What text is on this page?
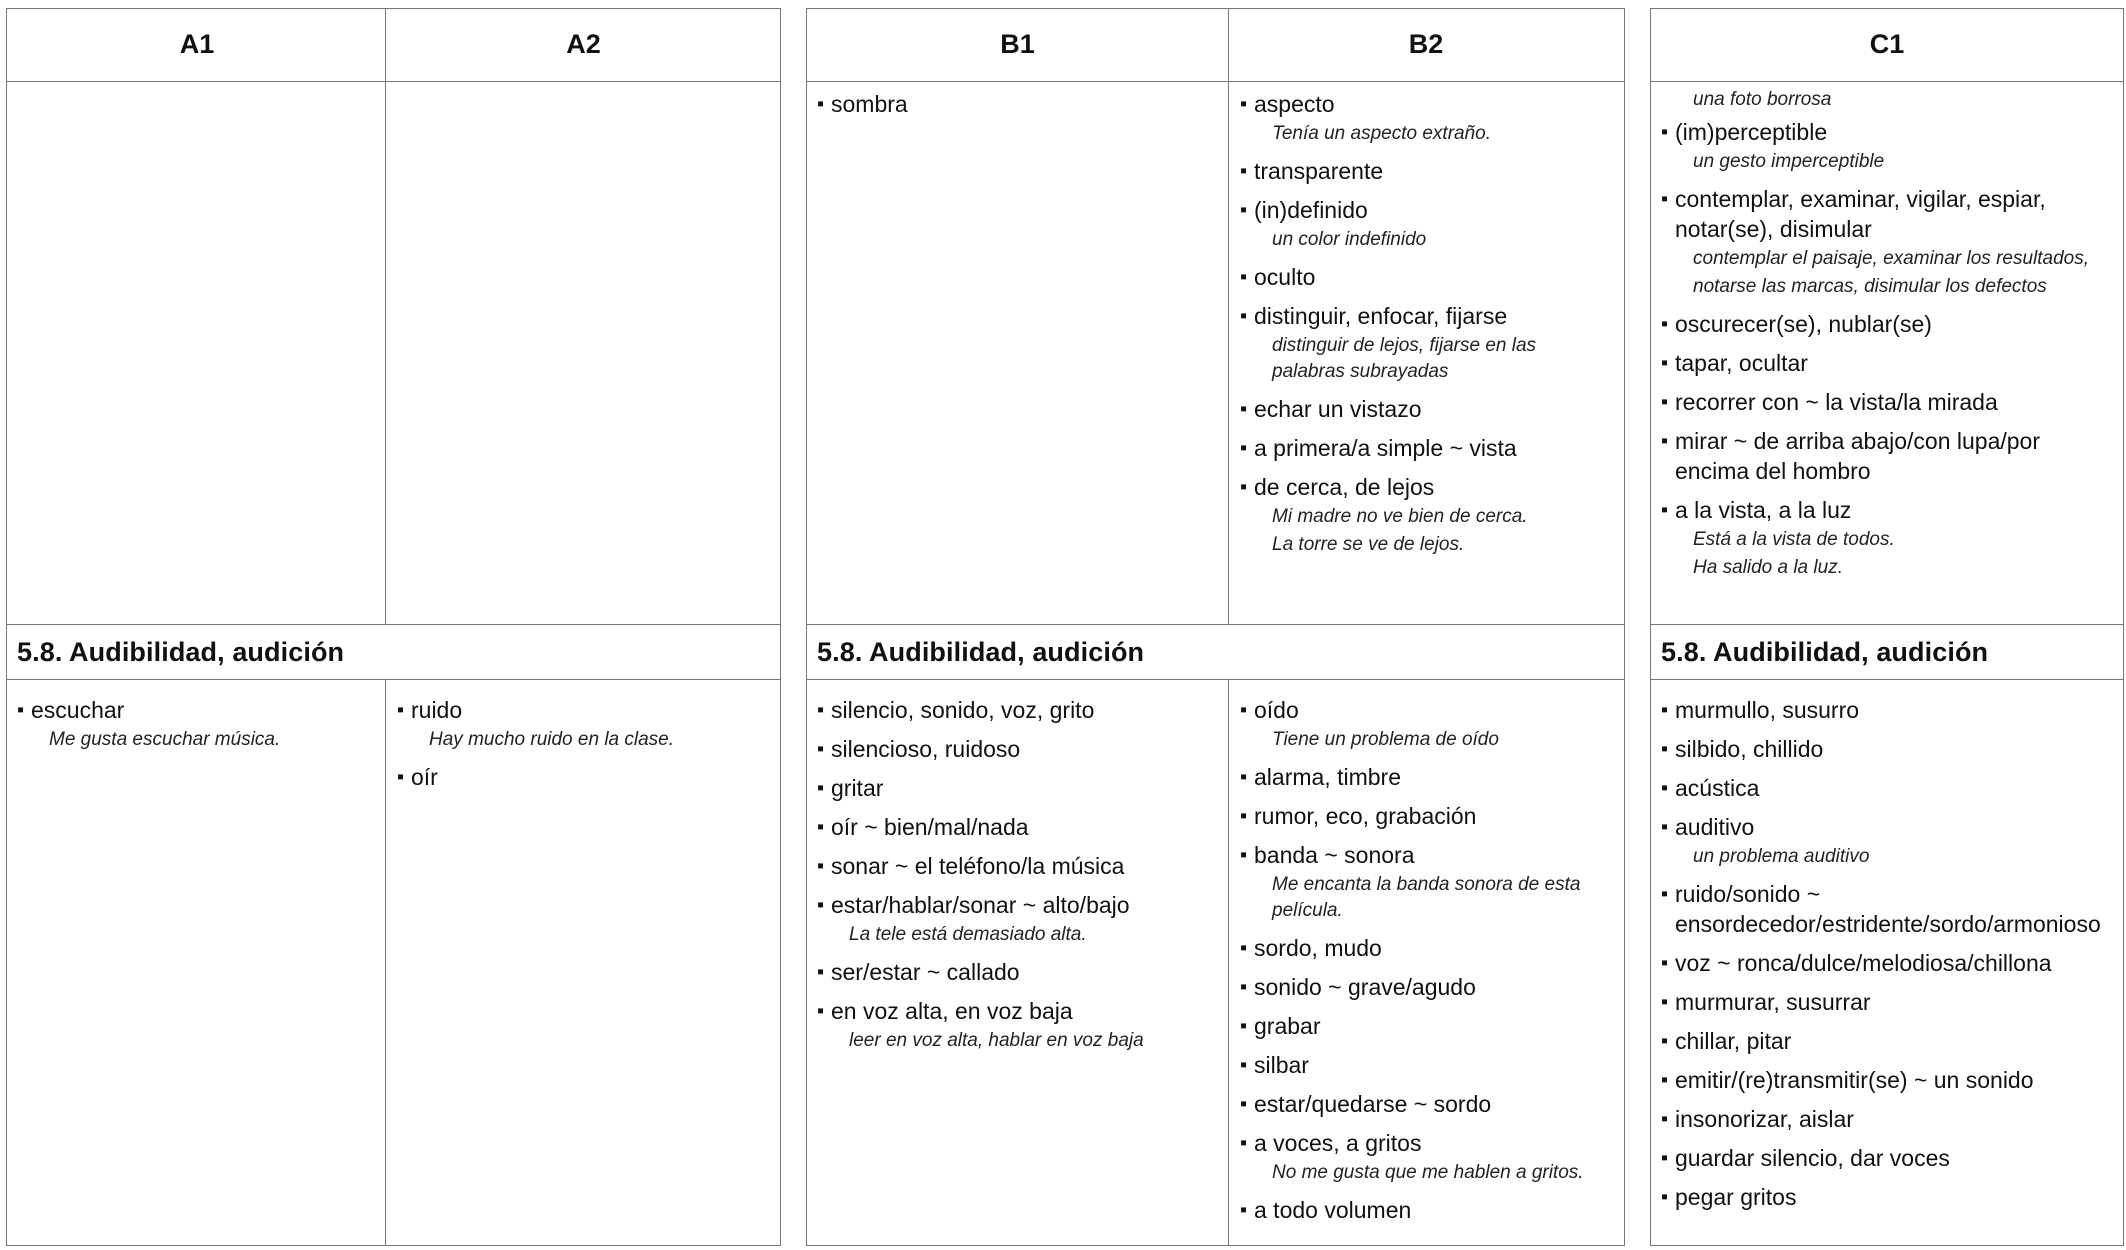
A1	A2
5.8. Audibilidad, audición
▪ escuchar
Me gusta escuchar música.
▪ ruido
Hay mucho ruido en la clase.
▪ oír
B1	B2
5.8. Audibilidad, audición
▪ sombra
▪	aspecto
Tenía un aspecto extraño.
▪ transparente
▪ (in)definido
un color indefinido
▪ oculto
▪ distinguir, enfocar, fijarse
distinguir de lejos, fijarse en las palabras subrayadas
▪ echar un vistazo
▪ a primera/a simple ~ vista
▪ de cerca, de lejos
Mi madre no ve bien de cerca.
La torre se ve de lejos.
▪ silencio, sonido, voz, grito
▪ silencioso, ruidoso
▪ gritar
▪ oír ~ bien/mal/nada
▪ sonar ~ el teléfono/la música
▪ estar/hablar/sonar ~ alto/bajo
La tele está demasiado alta.
▪ ser/estar ~ callado
▪ en voz alta, en voz baja
leer en voz alta, hablar en voz baja
▪ oído
Tiene un problema de oído
▪ alarma, timbre
▪ rumor, eco, grabación
▪ banda ~ sonora
Me encanta la banda sonora de esta película.
▪ sordo, mudo
▪ sonido ~ grave/agudo
▪ grabar
▪ silbar
▪ estar/quedarse ~ sordo
▪ a voces, a gritos
No me gusta que me hablen a gritos.
▪ a todo volumen
C1
5.8. Audibilidad, audición
una foto borrosa
▪ (im)perceptible
un gesto imperceptible
▪ contemplar, examinar, vigilar, espiar, notar(se), disimular
contemplar el paisaje, examinar los resultados,
notarse las marcas, disimular los defectos
▪ oscurecer(se), nublar(se)
▪ tapar, ocultar
▪ recorrer con ~ la vista/la mirada
▪ mirar ~ de arriba abajo/con lupa/por encima del hombro
▪ a la vista, a la luz
Está a la vista de todos.
Ha salido a la luz.
▪ murmullo, susurro
▪ silbido, chillido
▪ acústica
▪ auditivo
un problema auditivo
▪ ruido/sonido ~ ensordecedor/estridente/sordo/armonioso
▪ voz ~ ronca/dulce/melodiosa/chillona
▪ murmurar, susurrar
▪ chillar, pitar
▪ emitir/(re)transmitir(se) ~ un sonido
▪ insonorizar, aislar
▪ guardar silencio, dar voces
▪ pegar gritos
